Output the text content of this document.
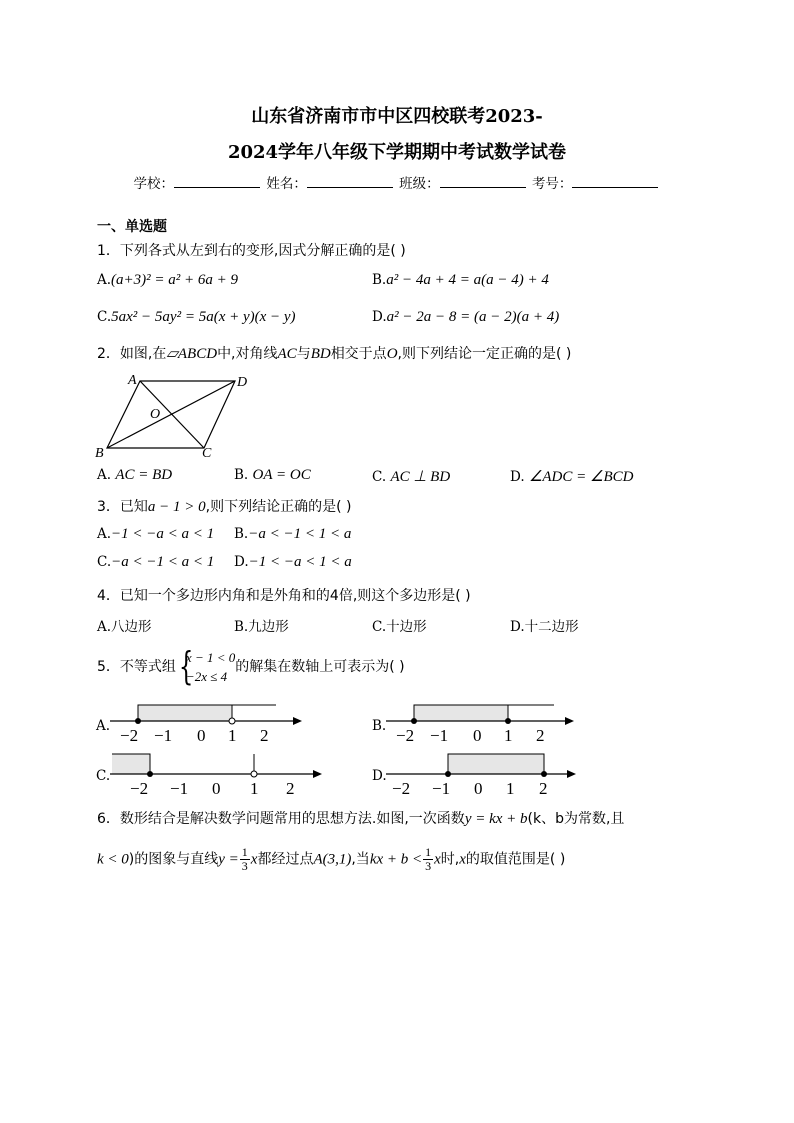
山东省济南市市中区四校联考2023-
2024学年八年级下学期期中考试数学试卷
学校：	姓名：	班级：	考号：
一、单选题
1．下列各式从左到右的变形,因式分解正确的是( )
A.(a+3)² = a² + 6a + 9	B.a² − 4a + 4 = a(a − 4) + 4
C.5ax² − 5ay² = 5a(x + y)(x − y)	D.a² − 2a − 8 = (a − 2)(a + 4)
2．如图,在▱ABCD中,对角线AC与BD相交于点O,则下列结论一定正确的是( )
A	D
B	C
O
A. AC = BD	B. OA = OC	C. AC ⊥ BD	D. ∠ADC = ∠BCD
3．已知a − 1 > 0,则下列结论正确的是( )
A.−1 < −a < a < 1 B.−a < −1 < 1 < a
C.−a < −1 < a < 1 D.−1 < −a < 1 < a
4．已知一个多边形内角和是外角和的4倍,则这个多边形是( )
A.八边形	B.九边形	C.十边形	D.十二边形
5．不等式组 {
x − 1 < 0
−2x ≤ 4
的解集在数轴上可表示为( )
A. −2 −1 0 1 2	B. −2 −1 0 1 2
C.
−2 −1 0 1 2
D.
−2 −1 0 1 2
6．数形结合是解决数学问题常用的思想方法.如图,一次函数y = kx + b(k、b为常数,且
k < 0)的图象与直线$y = \frac{1}{3}$ x都经过点A(3,1),当kx + $b < \frac{1}{3}$ x时,x的取值范围是( )
